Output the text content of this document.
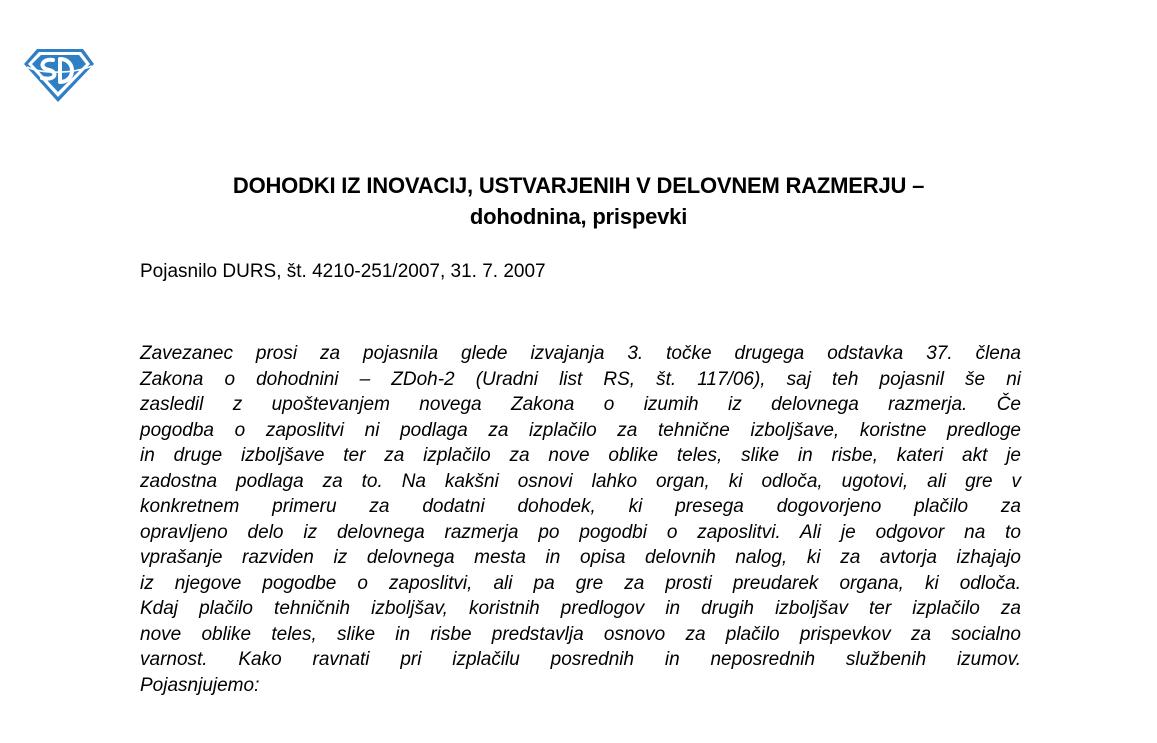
DOHODKI IZ INOVACIJ, USTVARJENIH V DELOVNEM RAZMERJU –
dohodnina, prispevki
Pojasnilo DURS, št. 4210-251/2007, 31. 7. 2007
Zavezanec prosi za pojasnila glede izvajanja 3. točke drugega odstavka 37. člena
Zakona o dohodnini – ZDoh-2 (Uradni list RS, št. 117/06), saj teh pojasnil še ni
zasledil z upoštevanjem novega Zakona o izumih iz delovnega razmerja. Če
pogodba o zaposlitvi ni podlaga za izplačilo za tehnične izboljšave, koristne predloge
in druge izboljšave ter za izplačilo za nove oblike teles, slike in risbe, kateri akt je
zadostna podlaga za to. Na kakšni osnovi lahko organ, ki odloča, ugotovi, ali gre v
konkretnem primeru za dodatni dohodek, ki presega dogovorjeno plačilo za
opravljeno delo iz delovnega razmerja po pogodbi o zaposlitvi. Ali je odgovor na to
vprašanje razviden iz delovnega mesta in opisa delovnih nalog, ki za avtorja izhajajo
iz njegove pogodbe o zaposlitvi, ali pa gre za prosti preudarek organa, ki odloča.
Kdaj plačilo tehničnih izboljšav, koristnih predlogov in drugih izboljšav ter izplačilo za
nove oblike teles, slike in risbe predstavlja osnovo za plačilo prispevkov za socialno
varnost. Kako ravnati pri izplačilu posrednih in neposrednih službenih izumov.
Pojasnjujemo:
